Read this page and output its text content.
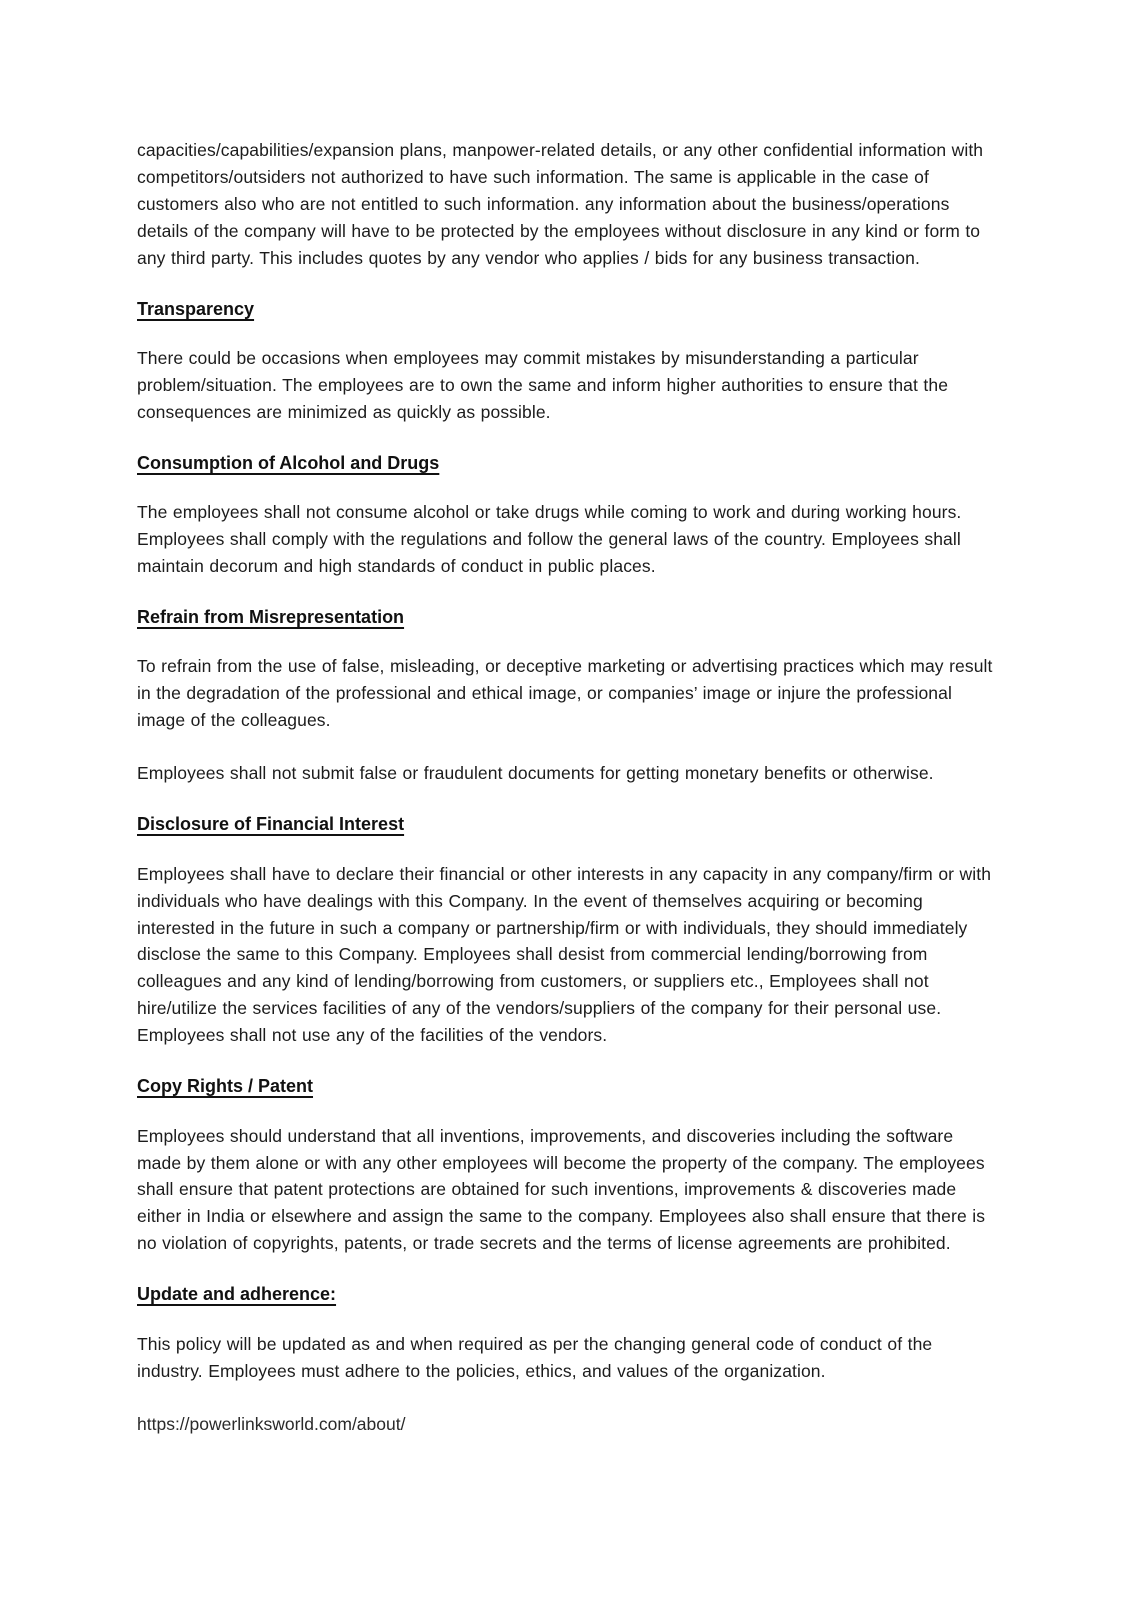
capacities/capabilities/expansion plans, manpower-related details, or any other confidential information with competitors/outsiders not authorized to have such information. The same is applicable in the case of customers also who are not entitled to such information. any information about the business/operations details of the company will have to be protected by the employees without disclosure in any kind or form to any third party. This includes quotes by any vendor who applies / bids for any business transaction.

Transparency

There could be occasions when employees may commit mistakes by misunderstanding a particular problem/situation. The employees are to own the same and inform higher authorities to ensure that the consequences are minimized as quickly as possible.

Consumption of Alcohol and Drugs

The employees shall not consume alcohol or take drugs while coming to work and during working hours. Employees shall comply with the regulations and follow the general laws of the country. Employees shall maintain decorum and high standards of conduct in public places.

Refrain from Misrepresentation

To refrain from the use of false, misleading, or deceptive marketing or advertising practices which may result in the degradation of the professional and ethical image, or companies’ image or injure the professional image of the colleagues.

Employees shall not submit false or fraudulent documents for getting monetary benefits or otherwise.

Disclosure of Financial Interest

Employees shall have to declare their financial or other interests in any capacity in any company/firm or with individuals who have dealings with this Company. In the event of themselves acquiring or becoming interested in the future in such a company or partnership/firm or with individuals, they should immediately disclose the same to this Company. Employees shall desist from commercial lending/borrowing from colleagues and any kind of lending/borrowing from customers, or suppliers etc., Employees shall not hire/utilize the services facilities of any of the vendors/suppliers of the company for their personal use. Employees shall not use any of the facilities of the vendors.

Copy Rights / Patent

Employees should understand that all inventions, improvements, and discoveries including the software made by them alone or with any other employees will become the property of the company. The employees shall ensure that patent protections are obtained for such inventions, improvements & discoveries made either in India or elsewhere and assign the same to the company. Employees also shall ensure that there is no violation of copyrights, patents, or trade secrets and the terms of license agreements are prohibited.

Update and adherence:

This policy will be updated as and when required as per the changing general code of conduct of the industry. Employees must adhere to the policies, ethics, and values of the organization.

https://powerlinksworld.com/about/
